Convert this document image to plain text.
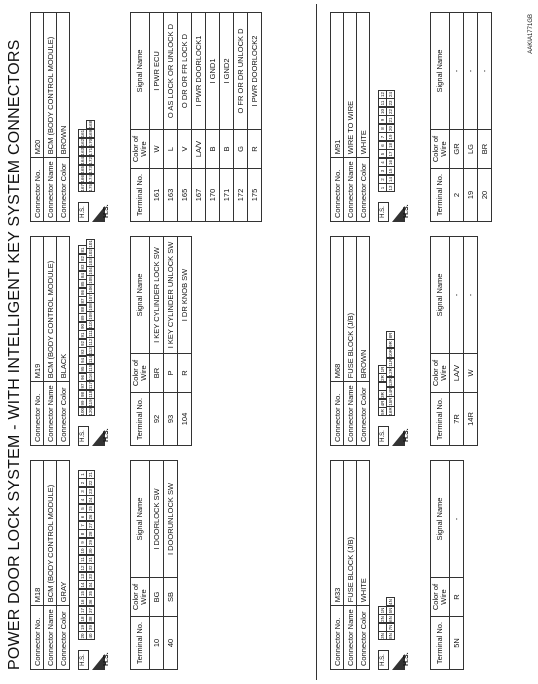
POWER DOOR LOCK SYSTEM - WITH INTELLIGENT KEY SYSTEM CONNECTORS Connector No.	M18
Connector Name	BCM (BODY CONTROL MODULE)
Connector Color	GRAY
H.S.	H.S.
20
19
18
17
16
15
14
13
12
11
10
9
8
7
6
5
4
3
2
1
40
39
38
37
36
35
34
33
32
31
30
29
28
27
26
25
24
23
22
21
Terminal No.	Color of Wire	Signal Name
10	BG	I DOORLOCK SW
40	SB	I DOORUNLOCK SW
Connector No.	M19
Connector Name	BCM (BODY CONTROL MODULE)
Connector Color	BLACK
H.S.	H.S.
100
99
98
97
96
95
94
93
92
91
90
89
88
87
86
85
84
83
82
81
120
119
118
117
116
115
114
113
112
111
110
109
108
107
106
105
104
103
102
101
Terminal No.	Color of Wire	Signal Name
92	BR	I KEY CYLINDER LOCK SW
93	P	I KEY CYLINDER UNLOCK SW
104	R	I DR KNOB SW
Connector No.	M20
Connector Name	BCM (BODY CONTROL MODULE)
Connector Color	BROWN
H.S.	H.S.
167
166
165
164
163
162
161
175
174
173
172
171
170
169
168
Terminal No.	Color of Wire	Signal Name
161	W	I PWR ECU
163	L	O AS LOCK OR UNLOCK D
165	V	O DR OR FR LOCK D
167	LA/V	I PWR DOORLOCK1
170	B	I GND1
171	B	I GND2
172	G	O FR OR DR UNLOCK D
175	R	I PWR DOORLOCK2
Connector No.	M33
Connector Name	FUSE BLOCK (J/B)
Connector Color	WHITE
H.S.	H.S.
3N
2N
1N
8N
7N
6N
5N
4N
Terminal No.	Color of Wire	Signal Name
5N	R	-
Connector No.	M68
Connector Name	FUSE BLOCK (J/B)
Connector Color	BROWN
H.S.	H.S.
5R
4R
3R
2R
1R
16R
15R
14R
13R
12R
11R
10R
9R
8R
Terminal No.	Color of Wire	Signal Name
7R	LA/V	-
14R	W	-
Connector No.	M91
Connector Name	WIRE TO WIRE
Connector Color	WHITE
H.S.	H.S.
1
2
3
4
5
6
7
8
9
10
11
12
13
14
15
16
17
18
19
20
21
22
23
24
Terminal No.	Color of Wire	Signal Name
2	GR	-
19	LG	-
20	BR	-
AAKIA1771GB
